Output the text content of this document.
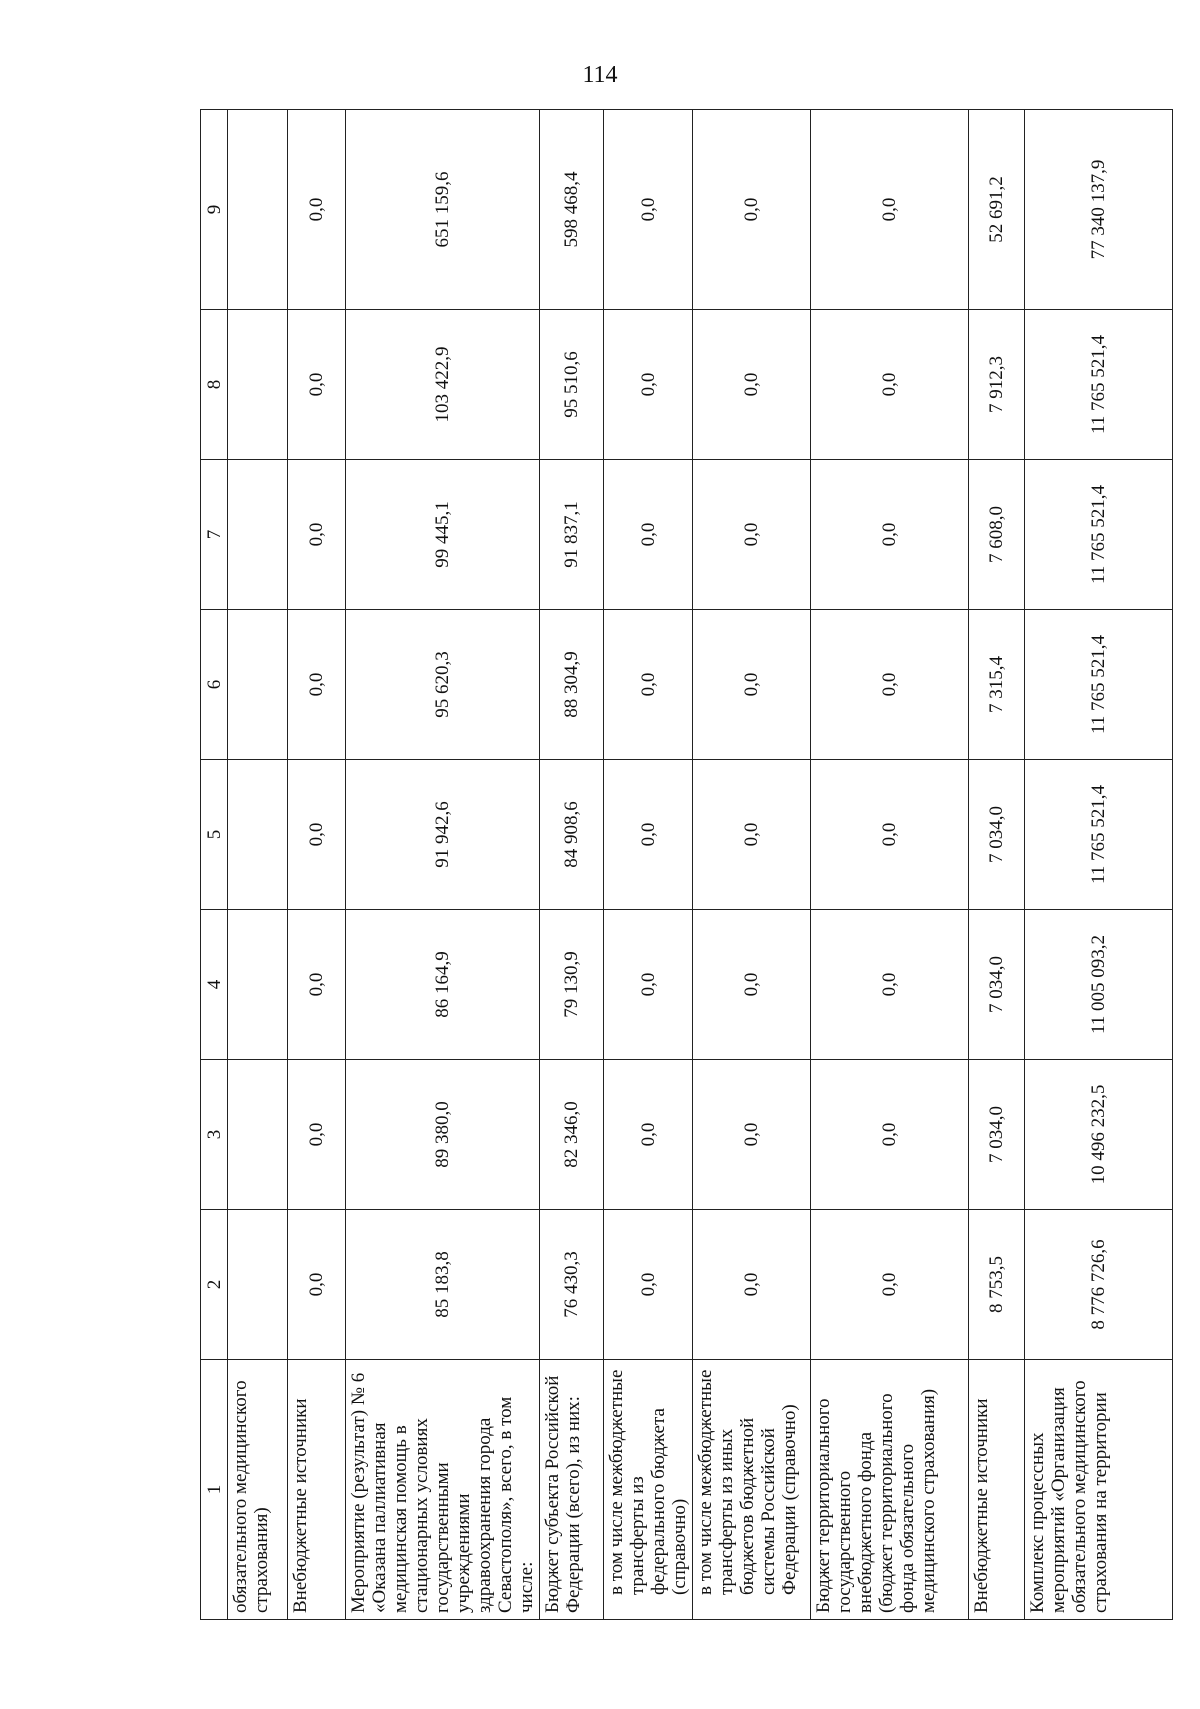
114
1	2	3	4	5	6	7	8	9
обязательного медицинского страхования)								
Внебюджетные источники	0,0	0,0	0,0	0,0	0,0	0,0	0,0	0,0
Мероприятие (результат) № 6 «Оказана паллиативная медицинская помощь в стационарных условиях государственными учреждениями здравоохранения города Севастополя», всего, в том числе:	85 183,8	89 380,0	86 164,9	91 942,6	95 620,3	99 445,1	103 422,9	651 159,6
Бюджет субъекта Российской Федерации (всего), из них:	76 430,3	82 346,0	79 130,9	84 908,6	88 304,9	91 837,1	95 510,6	598 468,4
в том числе межбюджетные трансферты из федерального бюджета (справочно)	0,0	0,0	0,0	0,0	0,0	0,0	0,0	0,0
в том числе межбюджетные трансферты из иных бюджетов бюджетной системы Российской Федерации (справочно)	0,0	0,0	0,0	0,0	0,0	0,0	0,0	0,0
Бюджет территориального государственного внебюджетного фонда (бюджет территориального фонда обязательного медицинского страхования)	0,0	0,0	0,0	0,0	0,0	0,0	0,0	0,0
Внебюджетные источники	8 753,5	7 034,0	7 034,0	7 034,0	7 315,4	7 608,0	7 912,3	52 691,2
Комплекс процессных мероприятий «Организация обязательного медицинского страхования на территории	8 776 726,6	10 496 232,5	11 005 093,2	11 765 521,4	11 765 521,4	11 765 521,4	11 765 521,4	77 340 137,9
